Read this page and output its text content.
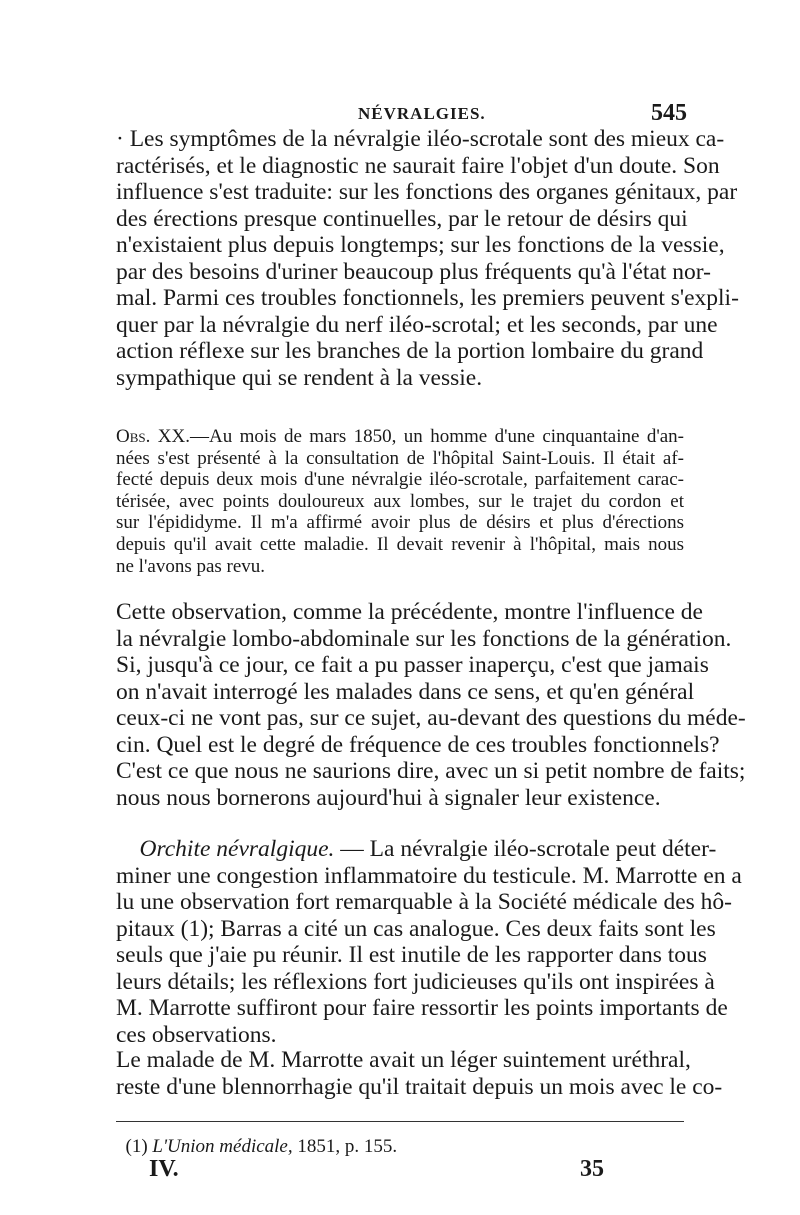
NÉVRALGIES.	545
· Les symptômes de la névralgie iléo-scrotale sont des mieux ca-
ractérisés, et le diagnostic ne saurait faire l'objet d'un doute. Son
influence s'est traduite: sur les fonctions des organes génitaux, par
des érections presque continuelles, par le retour de désirs qui
n'existaient plus depuis longtemps; sur les fonctions de la vessie,
par des besoins d'uriner beaucoup plus fréquents qu'à l'état nor-
mal. Parmi ces troubles fonctionnels, les premiers peuvent s'expli-
quer par la névralgie du nerf iléo-scrotal; et les seconds, par une
action réflexe sur les branches de la portion lombaire du grand
sympathique qui se rendent à la vessie.
Obs. XX.—Au mois de mars 1850, un homme d'une cinquantaine d'an-
nées s'est présenté à la consultation de l'hôpital Saint-Louis. Il était af-
fecté depuis deux mois d'une névralgie iléo-scrotale, parfaitement carac-
térisée, avec points douloureux aux lombes, sur le trajet du cordon et
sur l'épididyme. Il m'a affirmé avoir plus de désirs et plus d'érections
depuis qu'il avait cette maladie. Il devait revenir à l'hôpital, mais nous
ne l'avons pas revu.
Cette observation, comme la précédente, montre l'influence de
la névralgie lombo-abdominale sur les fonctions de la génération.
Si, jusqu'à ce jour, ce fait a pu passer inaperçu, c'est que jamais
on n'avait interrogé les malades dans ce sens, et qu'en général
ceux-ci ne vont pas, sur ce sujet, au-devant des questions du méde-
cin. Quel est le degré de fréquence de ces troubles fonctionnels?
C'est ce que nous ne saurions dire, avec un si petit nombre de faits;
nous nous bornerons aujourd'hui à signaler leur existence.
 Orchite névralgique. — La névralgie iléo-scrotale peut déter-
miner une congestion inflammatoire du testicule. M. Marrotte en a
lu une observation fort remarquable à la Société médicale des hô-
pitaux (1); Barras a cité un cas analogue. Ces deux faits sont les
seuls que j'aie pu réunir. Il est inutile de les rapporter dans tous
leurs détails; les réflexions fort judicieuses qu'ils ont inspirées à
M. Marrotte suffiront pour faire ressortir les points importants de
ces observations.
Le malade de M. Marrotte avait un léger suintement uréthral,
reste d'une blennorrhagie qu'il traitait depuis un mois avec le co-
 (1) L'Union médicale, 1851, p. 155.
IV.	35
